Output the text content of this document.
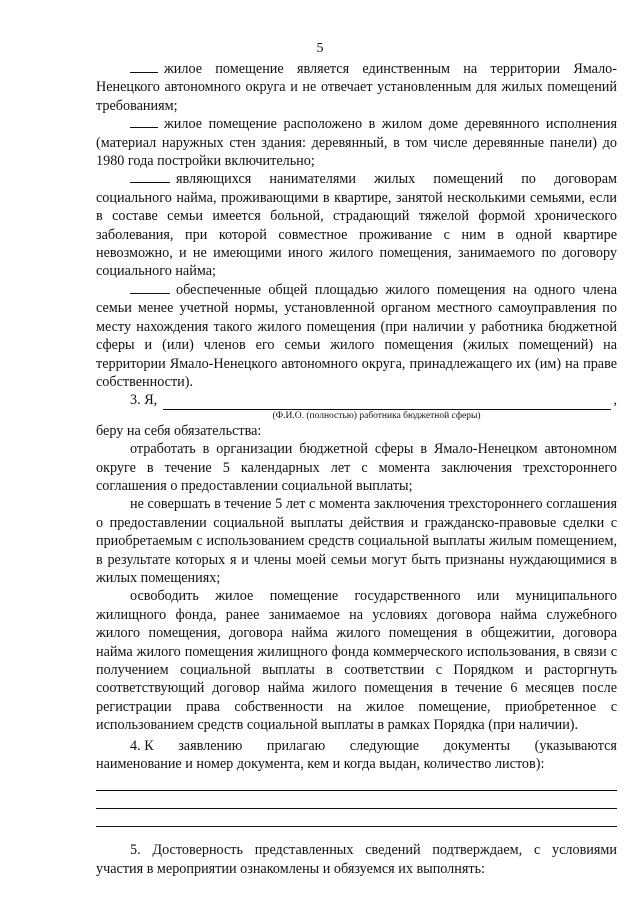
5

жилое помещение является единственным на территории Ямало-Ненецкого автономного округа и не отвечает установленным для жилых помещений требованиям;

жилое помещение расположено в жилом доме деревянного исполнения (материал наружных стен здания: деревянный, в том числе деревянные панели) до 1980 года постройки включительно;

являющихся нанимателями жилых помещений по договорам социального найма, проживающими в квартире, занятой несколькими семьями, если в составе семьи имеется больной, страдающий тяжелой формой хронического заболевания, при которой совместное проживание с ним в одной квартире невозможно, и не имеющими иного жилого помещения, занимаемого по договору социального найма;

обеспеченные общей площадью жилого помещения на одного члена семьи менее учетной нормы, установленной органом местного самоуправления по месту нахождения такого жилого помещения (при наличии у работника бюджетной сферы и (или) членов его семьи жилого помещения (жилых помещений) на территории Ямало-Ненецкого автономного округа, принадлежащего их (им) на праве собственности).

3. Я,	,
(Ф.И.О. (полностью) работника бюджетной сферы)

беру на себя обязательства:

отработать в организации бюджетной сферы в Ямало-Ненецком автономном округе в течение 5 календарных лет с момента заключения трехстороннего соглашения о предоставлении социальной выплаты;

не совершать в течение 5 лет с момента заключения трехстороннего соглашения о предоставлении социальной выплаты действия и гражданско-правовые сделки с приобретаемым с использованием средств социальной выплаты жилым помещением, в результате которых я и члены моей семьи могут быть признаны нуждающимися в жилых помещениях;

освободить жилое помещение государственного или муниципального жилищного фонда, ранее занимаемое на условиях договора найма служебного жилого помещения, договора найма жилого помещения в общежитии, договора найма жилого помещения жилищного фонда коммерческого использования, в связи с получением социальной выплаты в соответствии с Порядком и расторгнуть соответствующий договор найма жилого помещения в течение 6 месяцев после регистрации права собственности на жилое помещение, приобретенное с использованием средств социальной выплаты в рамках Порядка (при наличии).

4. К заявлению прилагаю следующие документы (указываются
наименование и номер документа, кем и когда выдан, количество листов):

5. Достоверность представленных сведений подтверждаем, с условиями участия в мероприятии ознакомлены и обязуемся их выполнять:
